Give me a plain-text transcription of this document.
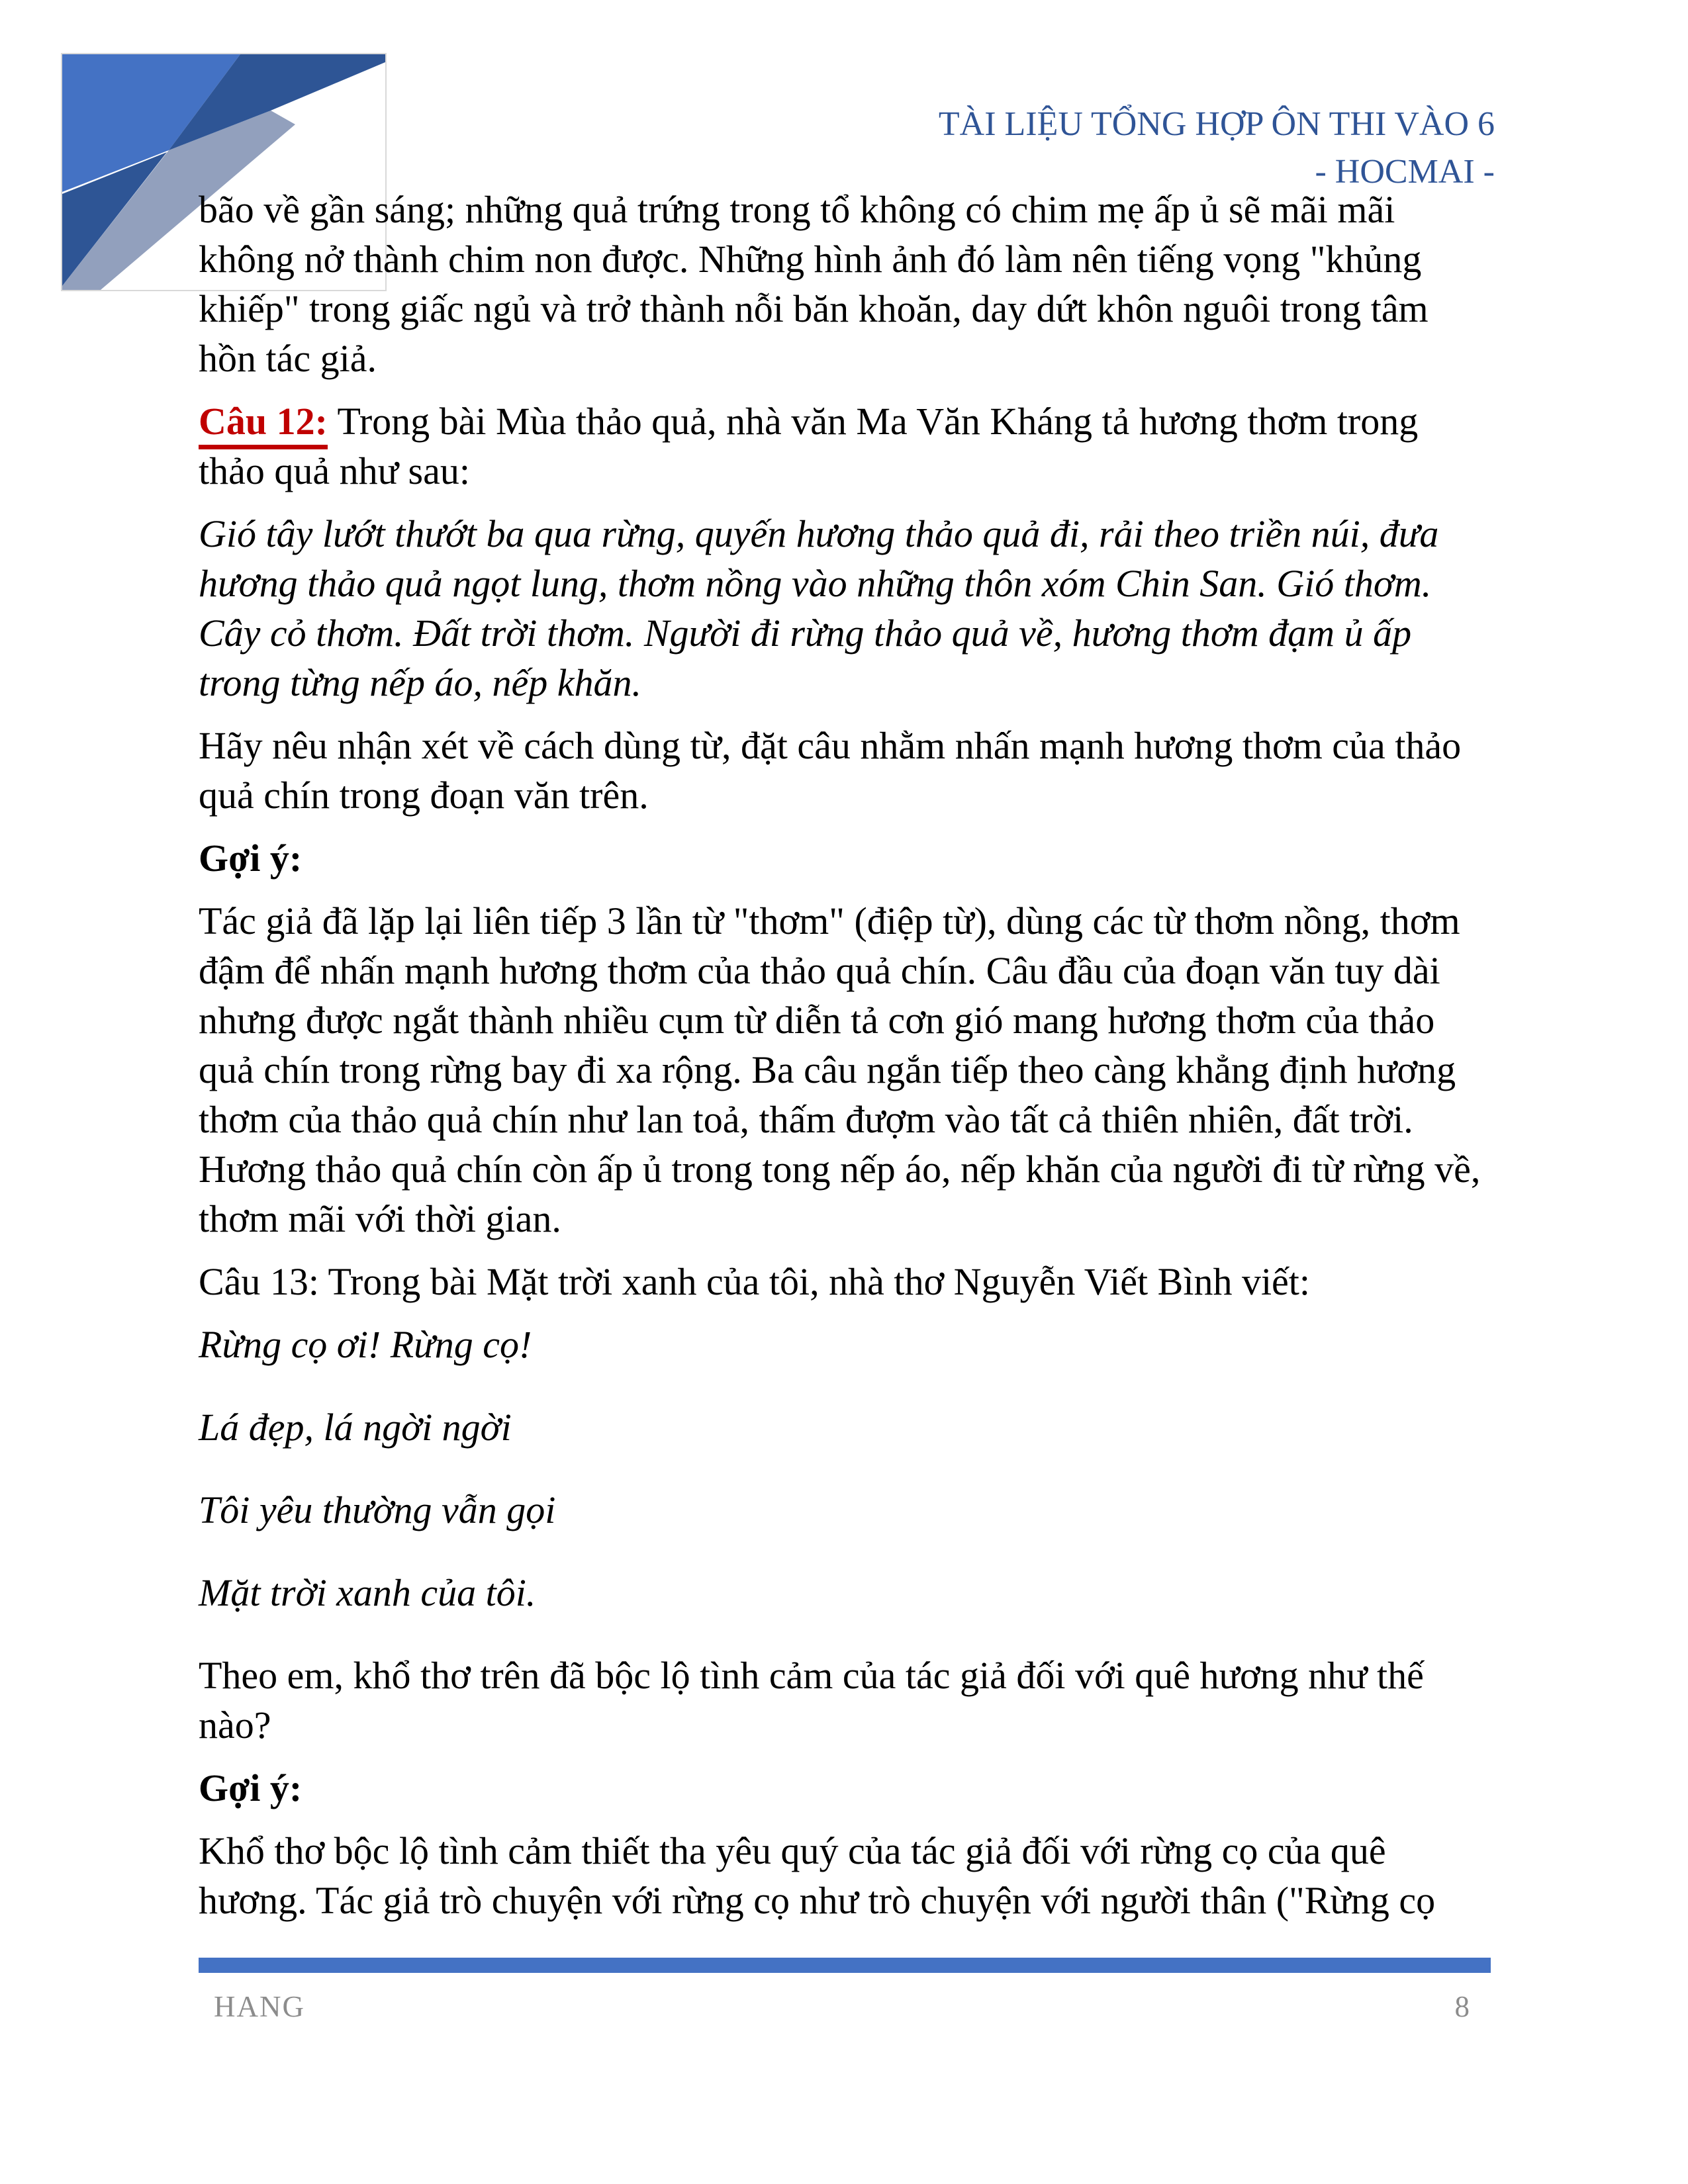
TÀI LIỆU TỔNG HỢP ÔN THI VÀO 6
- HOCMAI -

bão về gần sáng; những quả trứng trong tổ không có chim mẹ ấp ủ sẽ mãi mãi không nở thành chim non được. Những hình ảnh đó làm nên tiếng vọng "khủng khiếp" trong giấc ngủ và trở thành nỗi băn khoăn, day dứt khôn nguôi trong tâm hồn tác giả.

Câu 12: Trong bài Mùa thảo quả, nhà văn Ma Văn Kháng tả hương thơm trong thảo quả như sau:

Gió tây lướt thướt ba qua rừng, quyến hương thảo quả đi, rải theo triền núi, đưa hương thảo quả ngọt lung, thơm nồng vào những thôn xóm Chin San. Gió thơm. Cây cỏ thơm. Đất trời thơm. Người đi rừng thảo quả về, hương thơm đạm ủ ấp trong từng nếp áo, nếp khăn.

Hãy nêu nhận xét về cách dùng từ, đặt câu nhằm nhấn mạnh hương thơm của thảo quả chín trong đoạn văn trên.

Gợi ý:

Tác giả đã lặp lại liên tiếp 3 lần từ "thơm" (điệp từ), dùng các từ thơm nồng, thơm đậm để nhấn mạnh hương thơm của thảo quả chín. Câu đầu của đoạn văn tuy dài nhưng được ngắt thành nhiều cụm từ diễn tả cơn gió mang hương thơm của thảo quả chín trong rừng bay đi xa rộng. Ba câu ngắn tiếp theo càng khẳng định hương thơm của thảo quả chín như lan toả, thấm đượm vào tất cả thiên nhiên, đất trời. Hương thảo quả chín còn ấp ủ trong tong nếp áo, nếp khăn của người đi từ rừng về, thơm mãi với thời gian.

Câu 13: Trong bài Mặt trời xanh của tôi, nhà thơ Nguyễn Viết Bình viết:

Rừng cọ ơi! Rừng cọ!

Lá đẹp, lá ngời ngời

Tôi yêu thường vẫn gọi

Mặt trời xanh của tôi.

Theo em, khổ thơ trên đã bộc lộ tình cảm của tác giả đối với quê hương như thế nào?

Gợi ý:

Khổ thơ bộc lộ tình cảm thiết tha yêu quý của tác giả đối với rừng cọ của quê hương. Tác giả trò chuyện với rừng cọ như trò chuyện với người thân ("Rừng cọ

HANG	8
